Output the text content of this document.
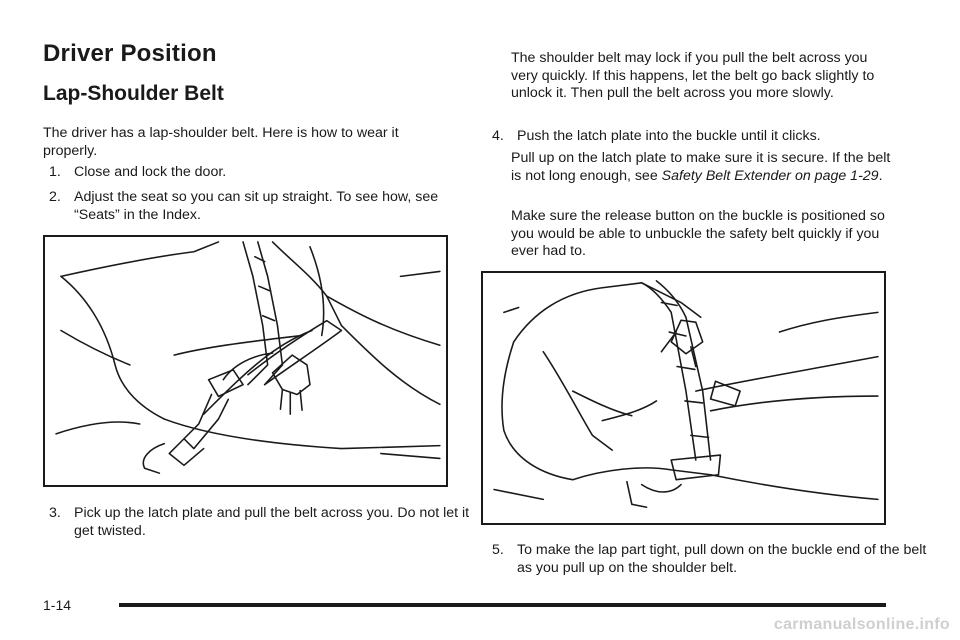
Driver Position
Lap-Shoulder Belt

The driver has a lap-shoulder belt. Here is how to wear it properly.

1. Close and lock the door.
2. Adjust the seat so you can sit up straight. To see how, see “Seats” in the Index.
3. Pick up the latch plate and pull the belt across you. Do not let it get twisted.

The shoulder belt may lock if you pull the belt across you very quickly. If this happens, let the belt go back slightly to unlock it. Then pull the belt across you more slowly.

4. Push the latch plate into the buckle until it clicks.

Pull up on the latch plate to make sure it is secure. If the belt is not long enough, see Safety Belt Extender on page 1-29.

Make sure the release button on the buckle is positioned so you would be able to unbuckle the safety belt quickly if you ever had to.

5. To make the lap part tight, pull down on the buckle end of the belt as you pull up on the shoulder belt.
1-14
carmanualsonline.info
